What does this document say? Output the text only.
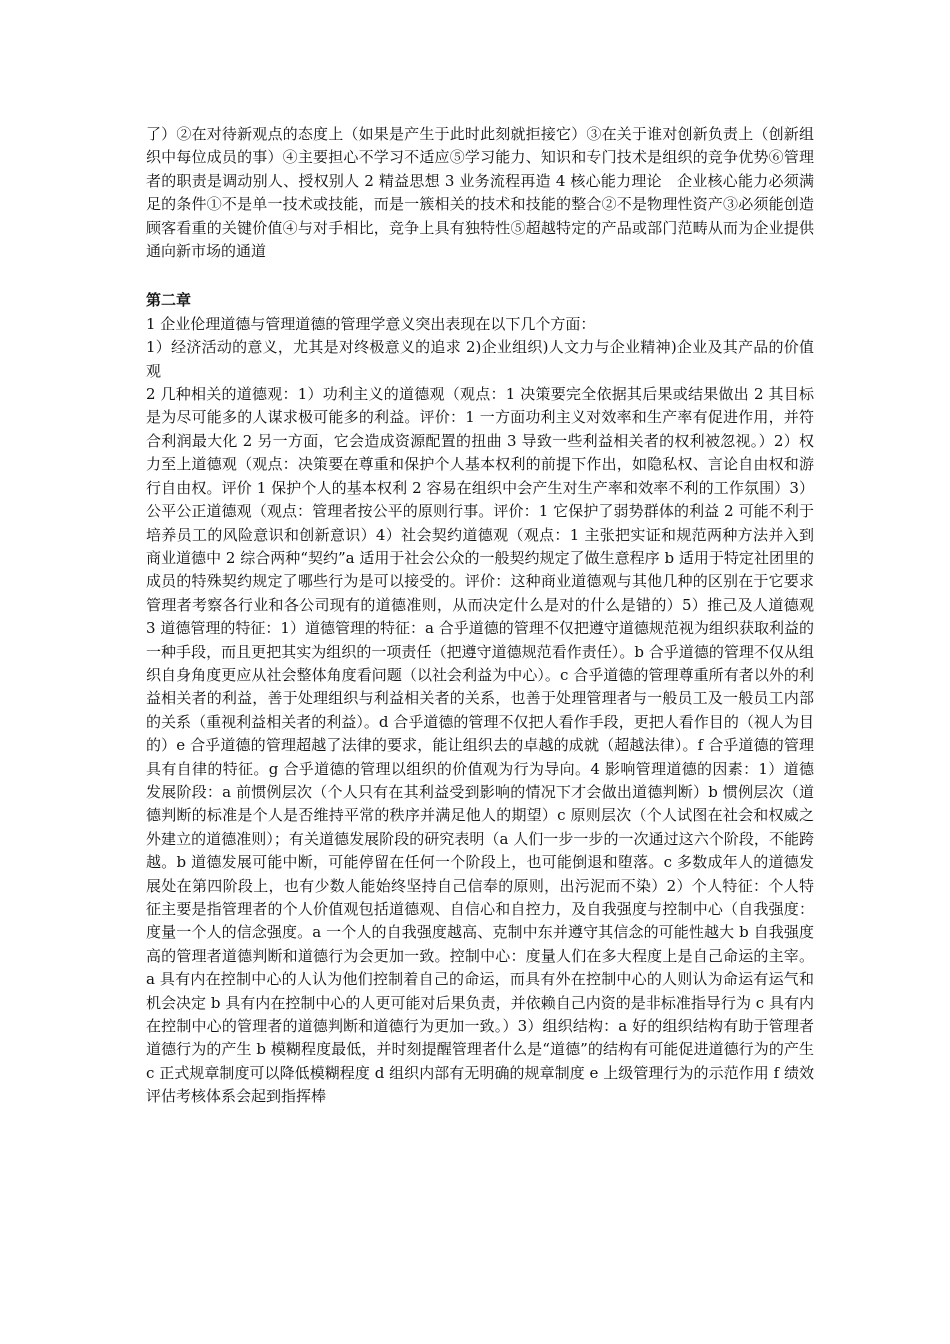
了）②在对待新观点的态度上（如果是产生于此时此刻就拒接它）③在关于谁对创新负责上（创新组织中每位成员的事）④主要担心不学习不适应⑤学习能力、知识和专门技术是组织的竞争优势⑥管理者的职责是调动别人、授权别人 2 精益思想 3 业务流程再造 4 核心能力理论　企业核心能力必须满足的条件①不是单一技术或技能，而是一簇相关的技术和技能的整合②不是物理性资产③必须能创造顾客看重的关键价值④与对手相比，竞争上具有独特性⑤超越特定的产品或部门范畴从而为企业提供通向新市场的通道

第二章

1 企业伦理道德与管理道德的管理学意义突出表现在以下几个方面：

1）经济活动的意义，尤其是对终极意义的追求 2)企业组织)人文力与企业精神)企业及其产品的价值观

2 几种相关的道德观：1）功利主义的道德观（观点：1 决策要完全依据其后果或结果做出 2 其目标是为尽可能多的人谋求极可能多的利益。评价：1 一方面功利主义对效率和生产率有促进作用，并符合利润最大化 2 另一方面，它会造成资源配置的扭曲 3 导致一些利益相关者的权利被忽视。）2）权力至上道德观（观点：决策要在尊重和保护个人基本权利的前提下作出，如隐私权、言论自由权和游行自由权。评价 1 保护个人的基本权利 2 容易在组织中会产生对生产率和效率不利的工作氛围）3）公平公正道德观（观点：管理者按公平的原则行事。评价：1 它保护了弱势群体的利益 2 可能不利于培养员工的风险意识和创新意识）4）社会契约道德观（观点：1 主张把实证和规范两种方法并入到商业道德中 2 综合两种“契约”a 适用于社会公众的一般契约规定了做生意程序 b 适用于特定社团里的成员的特殊契约规定了哪些行为是可以接受的。评价：这种商业道德观与其他几种的区别在于它要求管理者考察各行业和各公司现有的道德准则，从而决定什么是对的什么是错的）5）推己及人道德观 3 道德管理的特征：1）道德管理的特征：a 合乎道德的管理不仅把遵守道德规范视为组织获取利益的一种手段，而且更把其实为组织的一项责任（把遵守道德规范看作责任）。b 合乎道德的管理不仅从组织自身角度更应从社会整体角度看问题（以社会利益为中心）。c 合乎道德的管理尊重所有者以外的利益相关者的利益，善于处理组织与利益相关者的关系，也善于处理管理者与一般员工及一般员工内部的关系（重视利益相关者的利益）。d 合乎道德的管理不仅把人看作手段，更把人看作目的（视人为目的）e 合乎道德的管理超越了法律的要求，能让组织去的卓越的成就（超越法律）。f 合乎道德的管理具有自律的特征。g 合乎道德的管理以组织的价值观为行为导向。4 影响管理道德的因素：1）道德发展阶段：a 前惯例层次（个人只有在其利益受到影响的情况下才会做出道德判断）b 惯例层次（道德判断的标准是个人是否维持平常的秩序并满足他人的期望）c 原则层次（个人试图在社会和权威之外建立的道德准则）；有关道德发展阶段的研究表明（a 人们一步一步的一次通过这六个阶段，不能跨越。b 道德发展可能中断，可能停留在任何一个阶段上，也可能倒退和堕落。c 多数成年人的道德发展处在第四阶段上，也有少数人能始终坚持自己信奉的原则，出污泥而不染）2）个人特征：个人特征主要是指管理者的个人价值观包括道德观、自信心和自控力，及自我强度与控制中心（自我强度：度量一个人的信念强度。a 一个人的自我强度越高、克制中东并遵守其信念的可能性越大 b 自我强度高的管理者道德判断和道德行为会更加一致。控制中心：度量人们在多大程度上是自己命运的主宰。a 具有内在控制中心的人认为他们控制着自己的命运，而具有外在控制中心的人则认为命运有运气和机会决定 b 具有内在控制中心的人更可能对后果负责，并依赖自己内资的是非标准指导行为 c 具有内在控制中心的管理者的道德判断和道德行为更加一致。）3）组织结构：a 好的组织结构有助于管理者道德行为的产生 b 模糊程度最低，并时刻提醒管理者什么是“道德”的结构有可能促进道德行为的产生 c 正式规章制度可以降低模糊程度 d 组织内部有无明确的规章制度 e 上级管理行为的示范作用 f 绩效评估考核体系会起到指挥棒
